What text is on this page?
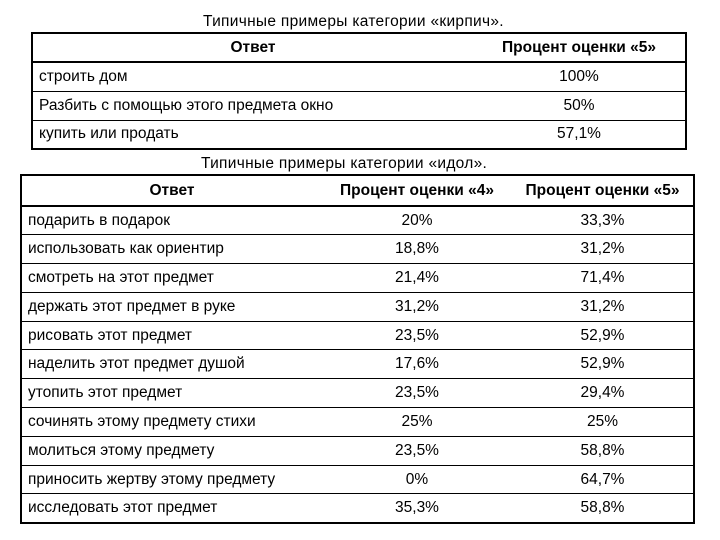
Типичные примеры категории «кирпич».
Ответ	Процент оценки «5»
строить дом	100%
Разбить с помощью этого предмета окно	50%
купить или продать	57,1%
Типичные примеры категории «идол».
Ответ	Процент оценки «4»	Процент оценки «5»
подарить в подарок	20%	33,3%
использовать как ориентир	18,8%	31,2%
смотреть на этот предмет	21,4%	71,4%
держать этот предмет в руке	31,2%	31,2%
рисовать этот предмет	23,5%	52,9%
наделить этот предмет душой	17,6%	52,9%
утопить этот предмет	23,5%	29,4%
сочинять этому предмету стихи	25%	25%
молиться этому предмету	23,5%	58,8%
приносить жертву этому предмету	0%	64,7%
исследовать этот предмет	35,3%	58,8%
